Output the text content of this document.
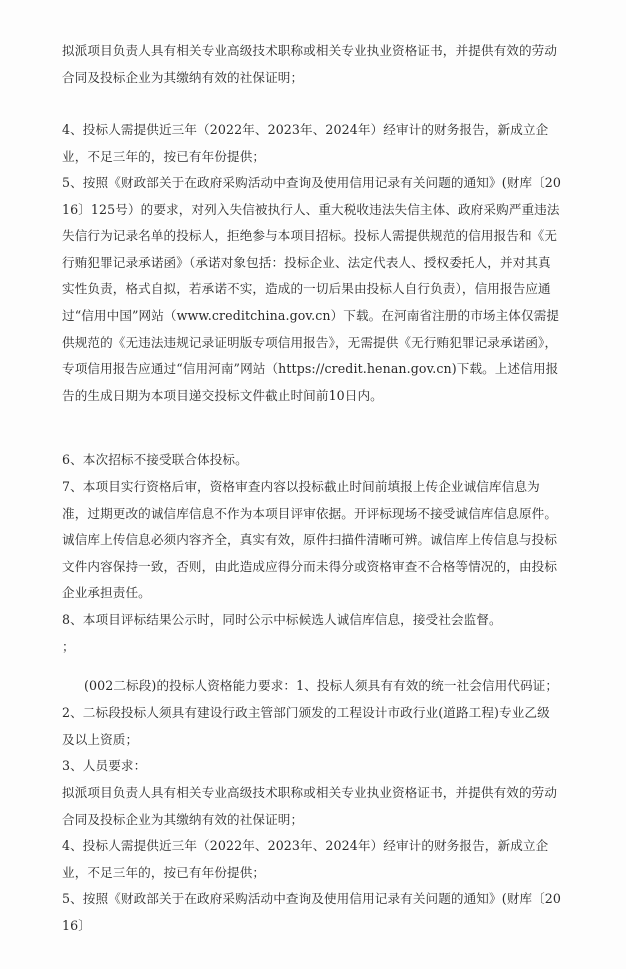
拟派项目负责人具有相关专业高级技术职称或相关专业执业资格证书，并提供有效的劳动合同及投标企业为其缴纳有效的社保证明；

4、投标人需提供近三年（2022年、2023年、2024年）经审计的财务报告，新成立企业，不足三年的，按已有年份提供；

5、按照《财政部关于在政府采购活动中查询及使用信用记录有关问题的通知》(财库〔2016〕125号）的要求，对列入失信被执行人、重大税收违法失信主体、政府采购严重违法失信行为记录名单的投标人，拒绝参与本项目招标。投标人需提供规范的信用报告和《无行贿犯罪记录承诺函》（承诺对象包括：投标企业、法定代表人、授权委托人，并对其真实性负责，格式自拟，若承诺不实，造成的一切后果由投标人自行负责），信用报告应通过“信用中国”网站（www.creditchina.gov.cn）下载。在河南省注册的市场主体仅需提供规范的《无违法违规记录证明版专项信用报告》，无需提供《无行贿犯罪记录承诺函》，专项信用报告应通过“信用河南”网站（https://credit.henan.gov.cn)下载。上述信用报告的生成日期为本项目递交投标文件截止时间前10日内。

6、本次招标不接受联合体投标。

7、本项目实行资格后审，资格审查内容以投标截止时间前填报上传企业诚信库信息为准，过期更改的诚信库信息不作为本项目评审依据。开评标现场不接受诚信库信息原件。诚信库上传信息必须内容齐全，真实有效，原件扫描件清晰可辨。诚信库上传信息与投标文件内容保持一致，否则，由此造成应得分而未得分或资格审查不合格等情况的，由投标企业承担责任。

8、本项目评标结果公示时，同时公示中标候选人诚信库信息，接受社会监督。

；

(002二标段)的投标人资格能力要求：1、投标人须具有有效的统一社会信用代码证；

2、二标段投标人须具有建设行政主管部门颁发的工程设计市政行业(道路工程)专业乙级及以上资质；

3、人员要求：

拟派项目负责人具有相关专业高级技术职称或相关专业执业资格证书，并提供有效的劳动合同及投标企业为其缴纳有效的社保证明；

4、投标人需提供近三年（2022年、2023年、2024年）经审计的财务报告，新成立企业，不足三年的，按已有年份提供；

5、按照《财政部关于在政府采购活动中查询及使用信用记录有关问题的通知》(财库〔2016〕
